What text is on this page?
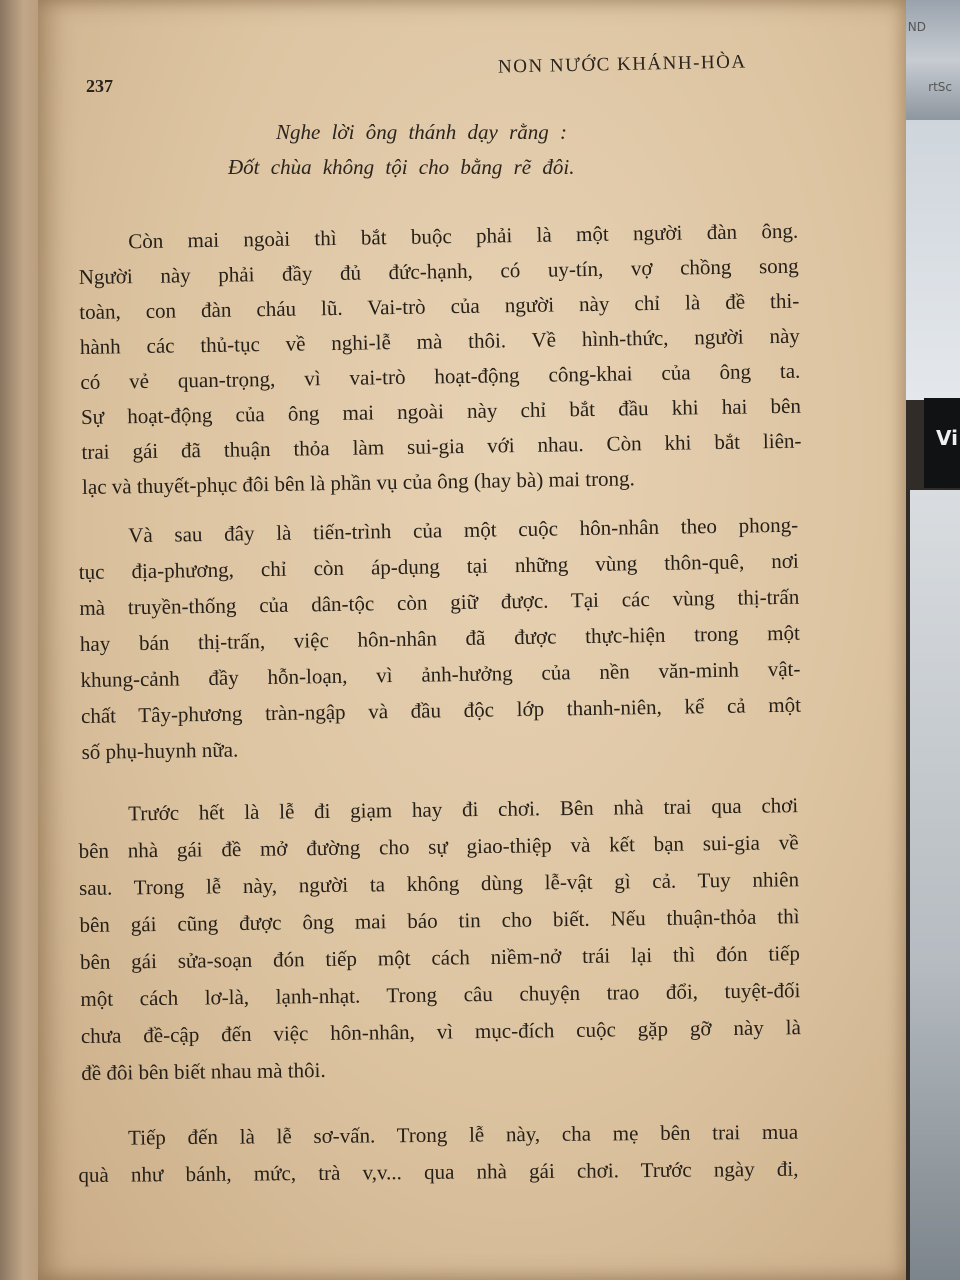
ND
rtSc
Vi
237
NON NƯỚC KHÁNH-HÒA
Nghe lời ông thánh dạy rằng :
Đốt chùa không tội cho bằng rẽ đôi.
Còn mai ngoài thì bắt buộc phải là một người đàn ông.
Người này phải đầy đủ đức-hạnh, có uy-tín, vợ chồng song
toàn, con đàn cháu lũ. Vai-trò của người này chỉ là đề thi-
hành các thủ-tục về nghi-lễ mà thôi. Về hình-thức, người này
có vẻ quan-trọng, vì vai-trò hoạt-động công-khai của ông ta.
Sự hoạt-động của ông mai ngoài này chỉ bắt đầu khi hai bên
trai gái đã thuận thỏa làm sui-gia với nhau. Còn khi bắt liên-
lạc và thuyết-phục đôi bên là phần vụ của ông (hay bà) mai trong.
Và sau đây là tiến-trình của một cuộc hôn-nhân theo phong-
tục địa-phương, chỉ còn áp-dụng tại những vùng thôn-quê, nơi
mà truyền-thống của dân-tộc còn giữ được. Tại các vùng thị-trấn
hay bán thị-trấn, việc hôn-nhân đã được thực-hiện trong một
khung-cảnh đầy hỗn-loạn, vì ảnh-hưởng của nền văn-minh vật-
chất Tây-phương tràn-ngập và đầu độc lớp thanh-niên, kể cả một
số phụ-huynh nữa.
Trước hết là lễ đi giạm hay đi chơi. Bên nhà trai qua chơi
bên nhà gái đề mở đường cho sự giao-thiệp và kết bạn sui-gia về
sau. Trong lễ này, người ta không dùng lễ-vật gì cả. Tuy nhiên
bên gái cũng được ông mai báo tin cho biết. Nếu thuận-thỏa thì
bên gái sửa-soạn đón tiếp một cách niềm-nở trái lại thì đón tiếp
một cách lơ-là, lạnh-nhạt. Trong câu chuyện trao đổi, tuyệt-đối
chưa đề-cập đến việc hôn-nhân, vì mục-đích cuộc gặp gỡ này là
đề đôi bên biết nhau mà thôi.
Tiếp đến là lễ sơ-vấn. Trong lễ này, cha mẹ bên trai mua
quà như bánh, mức, trà v,v... qua nhà gái chơi. Trước ngày đi,
